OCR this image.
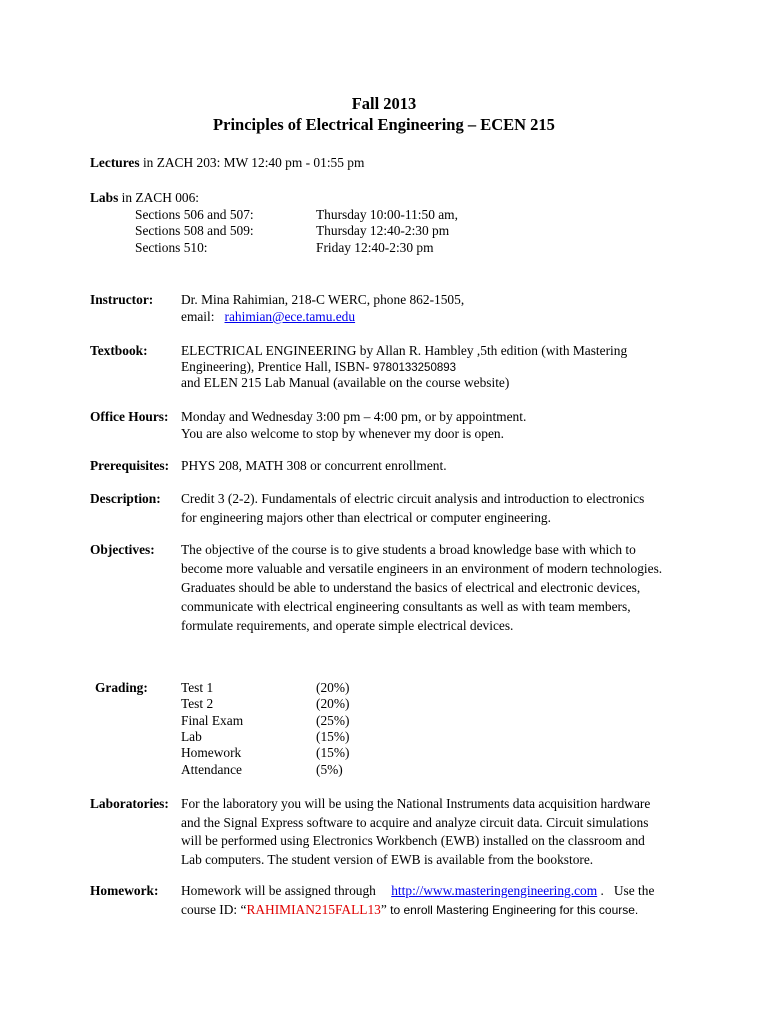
Fall 2013
Principles of Electrical Engineering – ECEN 215
Lectures in ZACH 203: MW 12:40 pm - 01:55 pm
Labs in ZACH 006:
Sections 506 and 507:	Thursday 10:00-11:50 am,
Sections 508 and 509:	Thursday 12:40-2:30 pm
Sections 510:	Friday 12:40-2:30 pm
Instructor: Dr. Mina Rahimian, 218-C WERC, phone 862-1505,
email:   rahimian@ece.tamu.edu
Textbook: ELECTRICAL ENGINEERING by Allan R. Hambley ,5th edition (with Mastering
Engineering), Prentice Hall, ISBN- 9780133250893
and ELEN 215 Lab Manual (available on the course website)
Office Hours: Monday and Wednesday 3:00 pm – 4:00 pm, or by appointment.
You are also welcome to stop by whenever my door is open.
Prerequisites: PHYS 208, MATH 308 or concurrent enrollment.
Description: Credit 3 (2-2). Fundamentals of electric circuit analysis and introduction to electronics
for engineering majors other than electrical or computer engineering.
Objectives: The objective of the course is to give students a broad knowledge base with which to
become more valuable and versatile engineers in an environment of modern technologies.
Graduates should be able to understand the basics of electrical and electronic devices,
communicate with electrical engineering consultants as well as with team members,
formulate requirements, and operate simple electrical devices.
Grading: Test 1	(20%)
Test 2	(20%)
Final Exam	(25%)
Lab	(15%)
Homework	(15%)
Attendance	(5%)
Laboratories: For the laboratory you will be using the National Instruments data acquisition hardware
and the Signal Express software to acquire and analyze circuit data. Circuit simulations
will be performed using Electronics Workbench (EWB) installed on the classroom and
Lab computers. The student version of EWB is available from the bookstore.
Homework: Homework will be assigned through http://www.masteringengineering.com .   Use the
course ID: “RAHIMIAN215FALL13” to enroll Mastering Engineering for this course.
